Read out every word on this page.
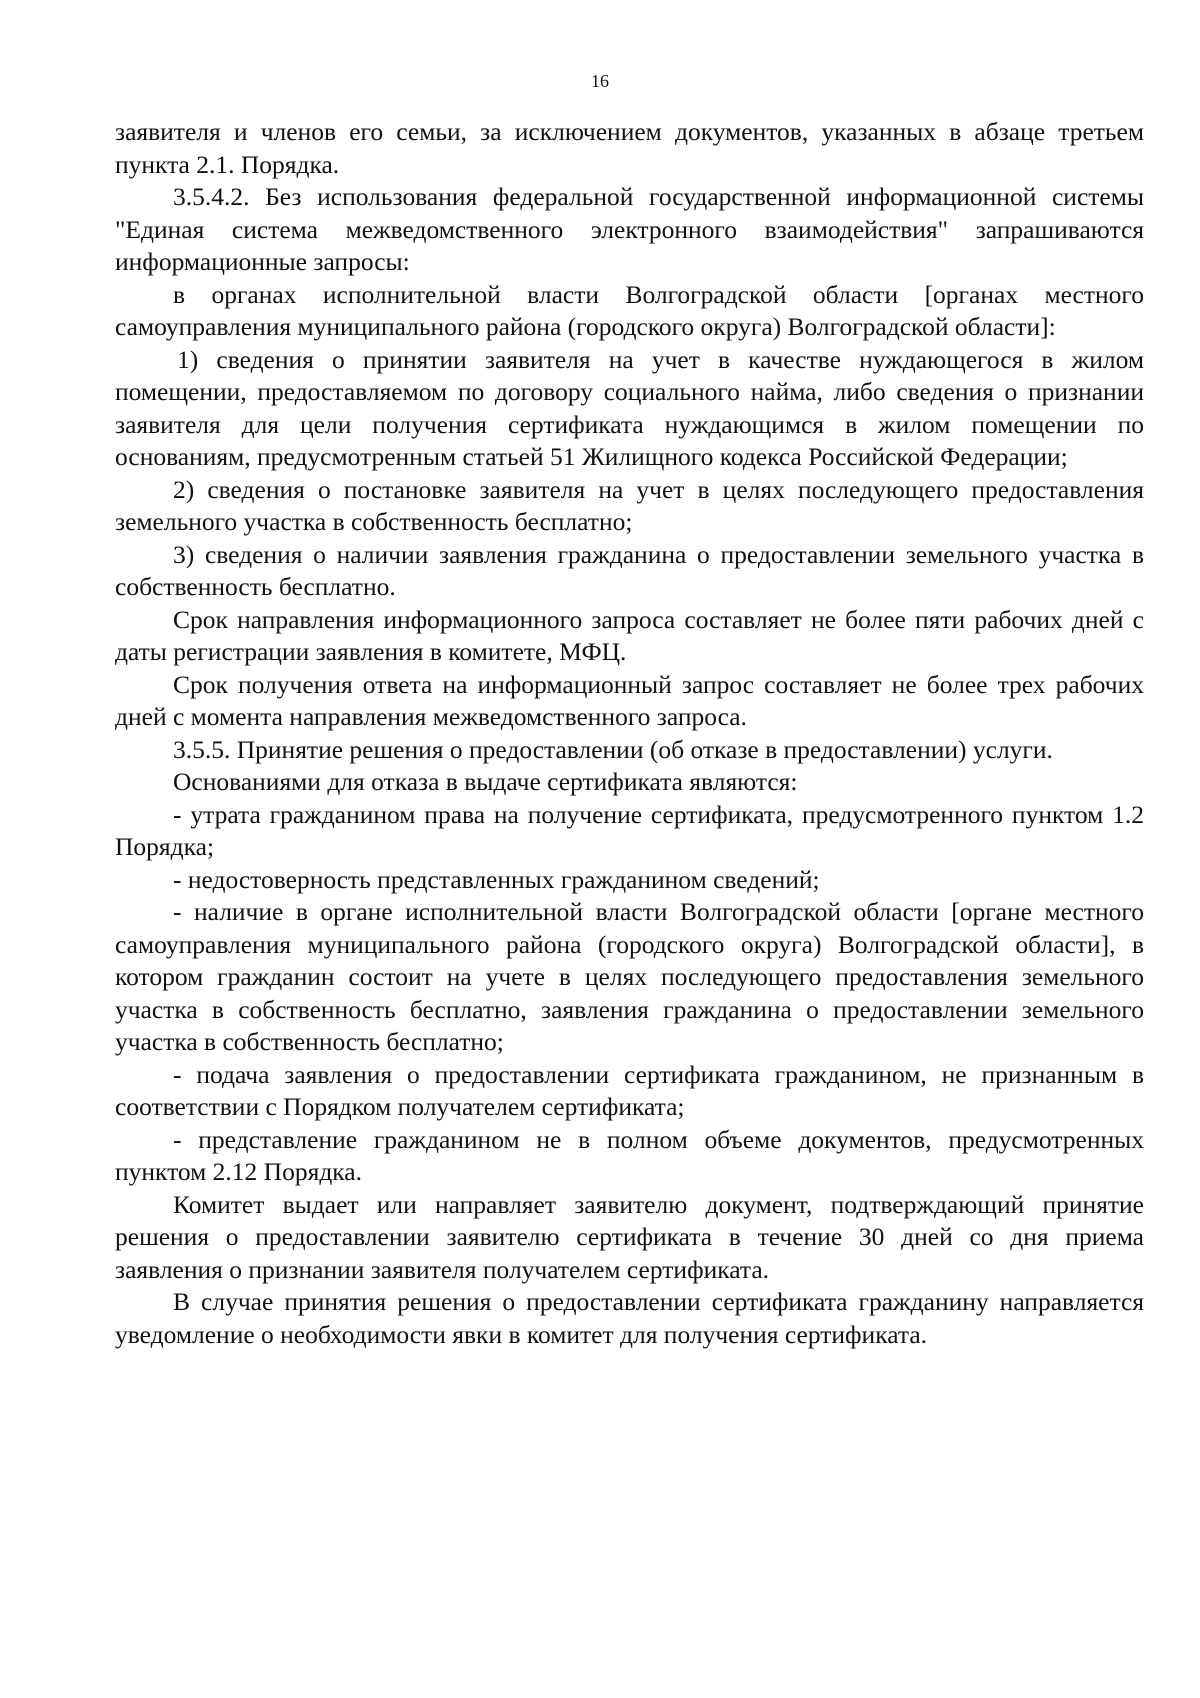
16

заявителя и членов его семьи, за исключением документов, указанных в абзаце третьем пункта 2.1. Порядка.

3.5.4.2. Без использования федеральной государственной информационной системы "Единая система межведомственного электронного взаимодействия" запрашиваются информационные запросы:

в органах исполнительной власти Волгоградской области [органах местного самоуправления муниципального района (городского округа) Волгоградской области]:

1) сведения о принятии заявителя на учет в качестве нуждающегося в жилом помещении, предоставляемом по договору социального найма, либо сведения о признании заявителя для цели получения сертификата нуждающимся в жилом помещении по основаниям, предусмотренным статьей 51 Жилищного кодекса Российской Федерации;

2) сведения о постановке заявителя на учет в целях последующего предоставления земельного участка в собственность бесплатно;

3) сведения о наличии заявления гражданина о предоставлении земельного участка в собственность бесплатно.

Срок направления информационного запроса составляет не более пяти рабочих дней с даты регистрации заявления в комитете, МФЦ.

Срок получения ответа на информационный запрос составляет не более трех рабочих дней с момента направления межведомственного запроса.

3.5.5. Принятие решения о предоставлении (об отказе в предоставлении) услуги.

Основаниями для отказа в выдаче сертификата являются:

- утрата гражданином права на получение сертификата, предусмотренного пунктом 1.2 Порядка;

- недостоверность представленных гражданином сведений;

- наличие в органе исполнительной власти Волгоградской области [органе местного самоуправления муниципального района (городского округа) Волгоградской области], в котором гражданин состоит на учете в целях последующего предоставления земельного участка в собственность бесплатно, заявления гражданина о предоставлении земельного участка в собственность бесплатно;

- подача заявления о предоставлении сертификата гражданином, не признанным в соответствии с Порядком получателем сертификата;

- представление гражданином не в полном объеме документов, предусмотренных пунктом 2.12 Порядка.

Комитет выдает или направляет заявителю документ, подтверждающий принятие решения о предоставлении заявителю сертификата в течение 30 дней со дня приема заявления о признании заявителя получателем сертификата.

В случае принятия решения о предоставлении сертификата гражданину направляется уведомление о необходимости явки в комитет для получения сертификата.
